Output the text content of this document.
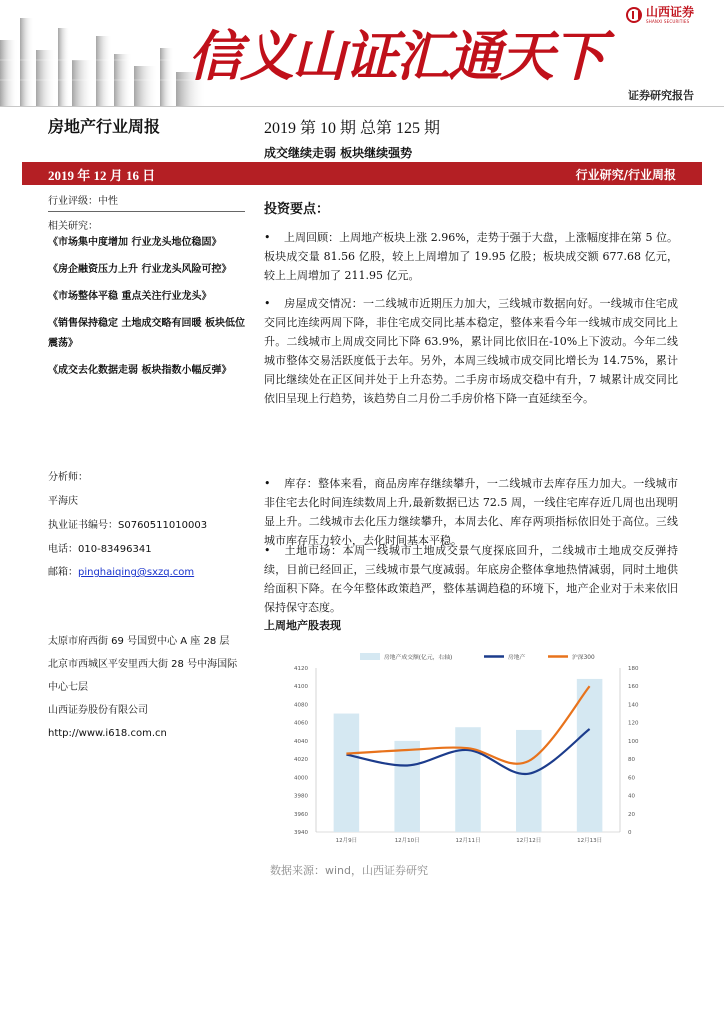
信义山证汇通天下
山西证券
SHANXI SECURITIES
证券研究报告
房地产行业周报	2019 第 10 期 总第 125 期
成交继续走弱 板块继续强势
2019 年 12 月 16 日	行业研究/行业周报
行业评级：中性
相关研究：
《市场集中度增加 行业龙头地位稳固》
《房企融资压力上升 行业龙头风险可控》
《市场整体平稳 重点关注行业龙头》
《销售保持稳定 土地成交略有回暖 板块低位震荡》
《成交去化数据走弱 板块指数小幅反弹》
分析师：
平海庆
执业证书编号：S0760511010003
电话：010-83496341
邮箱：pinghaiqing@sxzq.com
太原市府西街 69 号国贸中心 A 座 28 层
北京市西城区平安里西大街 28 号中海国际中心七层
山西证券股份有限公司
http://www.i618.com.cn
投资要点：
• 上周回顾：上周地产板块上涨 2.96%，走势于强于大盘，上涨幅度排在第 5 位。板块成交量 81.56 亿股，较上上周增加了 19.95 亿股；板块成交额 677.68 亿元，较上上周增加了 211.95 亿元。
• 房屋成交情况：一二线城市近期压力加大，三线城市数据向好。一线城市住宅成交同比连续两周下降，非住宅成交同比基本稳定，整体来看今年一线城市成交同比上升。二线城市上周成交同比下降 63.9%，累计同比依旧在-10%上下波动。今年二线城市整体交易活跃度低于去年。另外，本周三线城市成交同比增长为 14.75%，累计同比继续处在正区间并处于上升态势。二手房市场成交稳中有升，7 城累计成交同比依旧呈现上行趋势，该趋势自二月份二手房价格下降一直延续至今。
• 库存：整体来看，商品房库存继续攀升，一二线城市去库存压力加大。一线城市非住宅去化时间连续数周上升,最新数据已达 72.5 周，一线住宅库存近几周也出现明显上升。二线城市去化压力继续攀升，本周去化、库存两项指标依旧处于高位。三线城市库存压力较小，去化时间基本平稳。
• 土地市场：本周一线城市土地成交景气度探底回升，二线城市土地成交反弹持续，目前已经回正，三线城市景气度减弱。年底房企整体拿地热情减弱，同时土地供给面积下降。在今年整体政策趋严，整体基调趋稳的环境下，地产企业对于未来依旧保持保守态度。
上周地产股表现
3940
3960
3980
4000
4020
4040
4060
4080
4100
4120
0
20
40
60
80
100
120
140
160
180
12月9日	12月10日	12月11日	12月12日	12月13日
房地产成交额(亿元，右轴)	房地产	沪深300
数据来源：wind，山西证券研究
